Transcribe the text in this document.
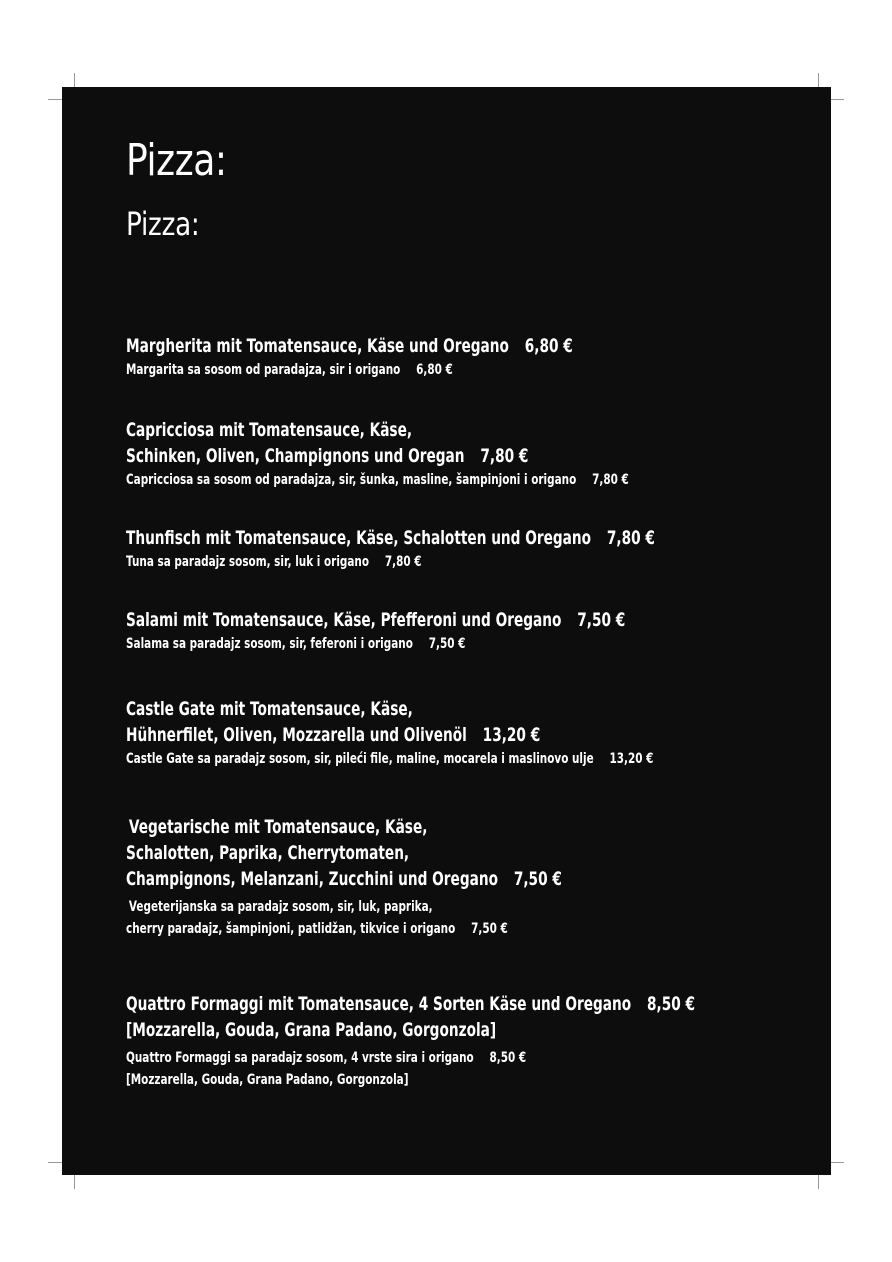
Pizza:
Pizza:
Margherita mit Tomatensauce, Käse und Oregano 6,80 €
Margarita sa sosom od paradajza, sir i origano 6,80 €
Capricciosa mit Tomatensauce, Käse,
Schinken, Oliven, Champignons und Oregan 7,80 €
Capricciosa sa sosom od paradajza, sir, šunka, masline, šampinjoni i origano 7,80 €
Thunfisch mit Tomatensauce, Käse, Schalotten und Oregano 7,80 €
Tuna sa paradajz sosom, sir, luk i origano 7,80 €
Salami mit Tomatensauce, Käse, Pfefferoni und Oregano 7,50 €
Salama sa paradajz sosom, sir, feferoni i origano 7,50 €
Castle Gate mit Tomatensauce, Käse,
Hühnerfilet, Oliven, Mozzarella und Olivenöl 13,20 €
Castle Gate sa paradajz sosom, sir, pileći file, maline, mocarela i maslinovo ulje 13,20 €
Vegetarische mit Tomatensauce, Käse,
Schalotten, Paprika, Cherrytomaten,
Champignons, Melanzani, Zucchini und Oregano 7,50 €
Vegeterijanska sa paradajz sosom, sir, luk, paprika,
cherry paradajz, šampinjoni, patlidžan, tikvice i origano 7,50 €
Quattro Formaggi mit Tomatensauce, 4 Sorten Käse und Oregano 8,50 €
[Mozzarella, Gouda, Grana Padano, Gorgonzola]
Quattro Formaggi sa paradajz sosom, 4 vrste sira i origano 8,50 €
[Mozzarella, Gouda, Grana Padano, Gorgonzola]
